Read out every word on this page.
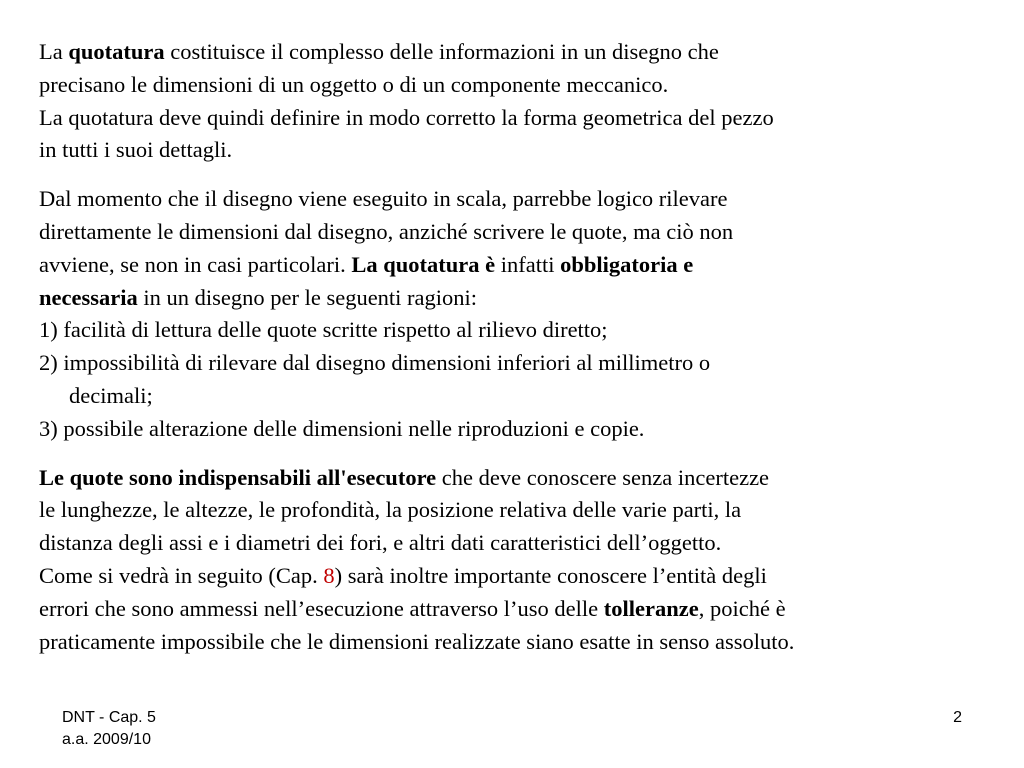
La quotatura costituisce il complesso delle informazioni in un disegno che
precisano le dimensioni di un oggetto o di un componente meccanico.
La quotatura deve quindi definire in modo corretto la forma geometrica del pezzo
in tutti i suoi dettagli.

Dal momento che il disegno viene eseguito in scala, parrebbe logico rilevare
direttamente le dimensioni dal disegno, anziché scrivere le quote, ma ciò non
avviene, se non in casi particolari. La quotatura è infatti obbligatoria e
necessaria in un disegno per le seguenti ragioni:
1) facilità di lettura delle quote scritte rispetto al rilievo diretto;
2) impossibilità di rilevare dal disegno dimensioni inferiori al millimetro o
decimali;
3) possibile alterazione delle dimensioni nelle riproduzioni e copie.

Le quote sono indispensabili all'esecutore che deve conoscere senza incertezze
le lunghezze, le altezze, le profondità, la posizione relativa delle varie parti, la
distanza degli assi e i diametri dei fori, e altri dati caratteristici dell’oggetto.
Come si vedrà in seguito (Cap. 8) sarà inoltre importante conoscere l’entità degli
errori che sono ammessi nell’esecuzione attraverso l’uso delle tolleranze, poiché è
praticamente impossibile che le dimensioni realizzate siano esatte in senso assoluto.

DNT - Cap. 5
a.a. 2009/10
2
